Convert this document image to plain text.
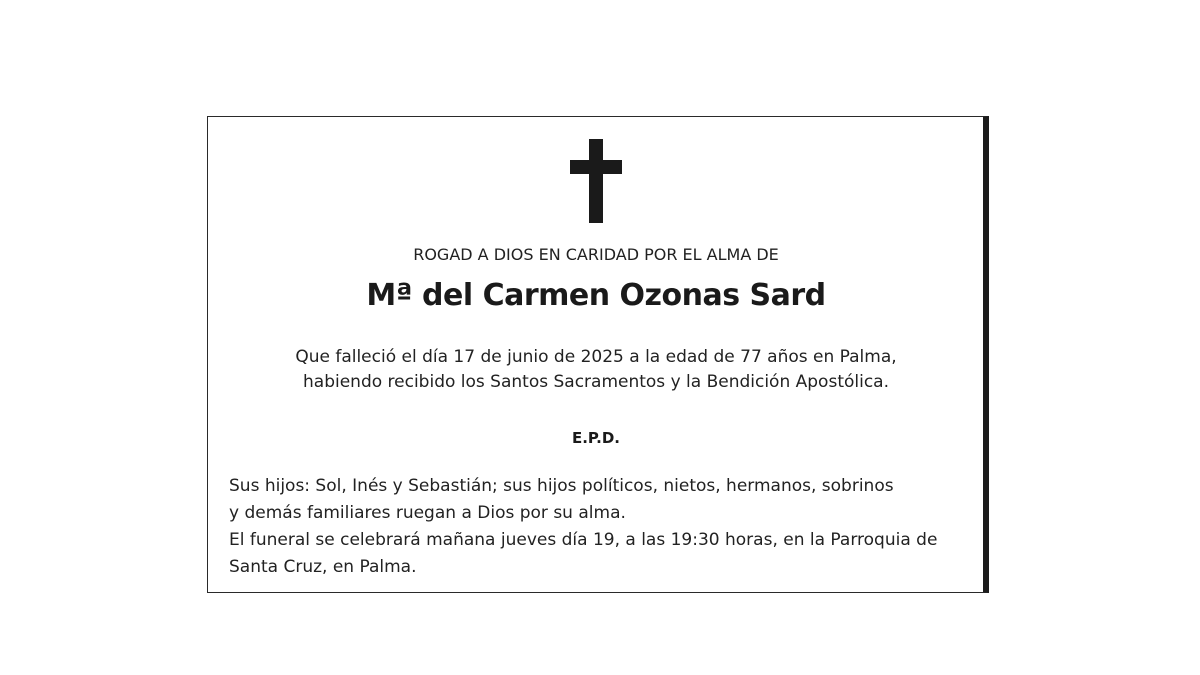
ROGAD A DIOS EN CARIDAD POR EL ALMA DE
Mª del Carmen Ozonas Sard
Que falleció el día 17 de junio de 2025 a la edad de 77 años en Palma,
habiendo recibido los Santos Sacramentos y la Bendición Apostólica.
E.P.D.
Sus hijos: Sol, Inés y Sebastián; sus hijos políticos, nietos, hermanos, sobrinos
y demás familiares ruegan a Dios por su alma.
El funeral se celebrará mañana jueves día 19, a las 19:30 horas, en la Parroquia de
Santa Cruz, en Palma.
